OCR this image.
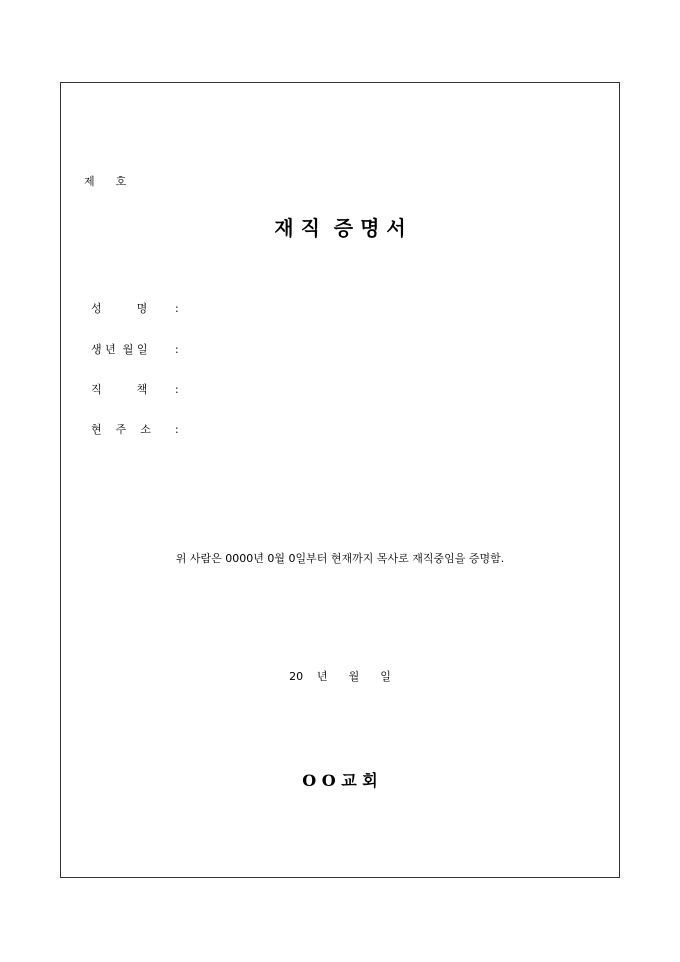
제      호
재 직  증 명 서

성          명	:

생 년  월 일	:

직          책	:

현    주    소 :

위 사람은 0000년 0월 0일부터 현재까지 목사로 재직중임을 증명함.
20    년      월      일
O O 교 회
